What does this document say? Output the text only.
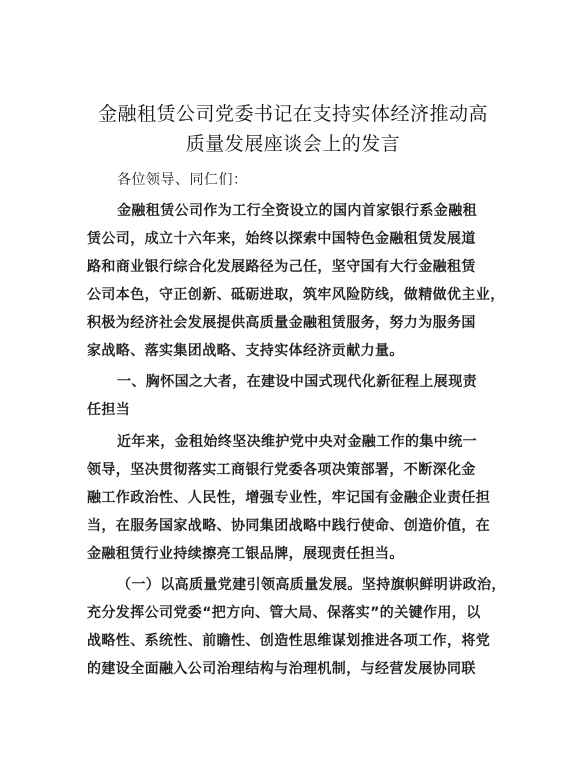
金融租赁公司党委书记在支持实体经济推动高
质量发展座谈会上的发言
各位领导、同仁们：
金融租赁公司作为工行全资设立的国内首家银行系金融租
赁公司，成立十六年来，始终以探索中国特色金融租赁发展道
路和商业银行综合化发展路径为己任，坚守国有大行金融租赁
公司本色，守正创新、砥砺进取，筑牢风险防线，做精做优主业，
积极为经济社会发展提供高质量金融租赁服务，努力为服务国
家战略、落实集团战略、支持实体经济贡献力量。
一、胸怀国之大者，在建设中国式现代化新征程上展现责
任担当
近年来，金租始终坚决维护党中央对金融工作的集中统一
领导，坚决贯彻落实工商银行党委各项决策部署，不断深化金
融工作政治性、人民性，增强专业性，牢记国有金融企业责任担
当，在服务国家战略、协同集团战略中践行使命、创造价值，在
金融租赁行业持续擦亮工银品牌，展现责任担当。
（一）以高质量党建引领高质量发展。坚持旗帜鲜明讲政治，
充分发挥公司党委“把方向、管大局、保落实”的关键作用，以
战略性、系统性、前瞻性、创造性思维谋划推进各项工作，将党
的建设全面融入公司治理结构与治理机制，与经营发展协同联
